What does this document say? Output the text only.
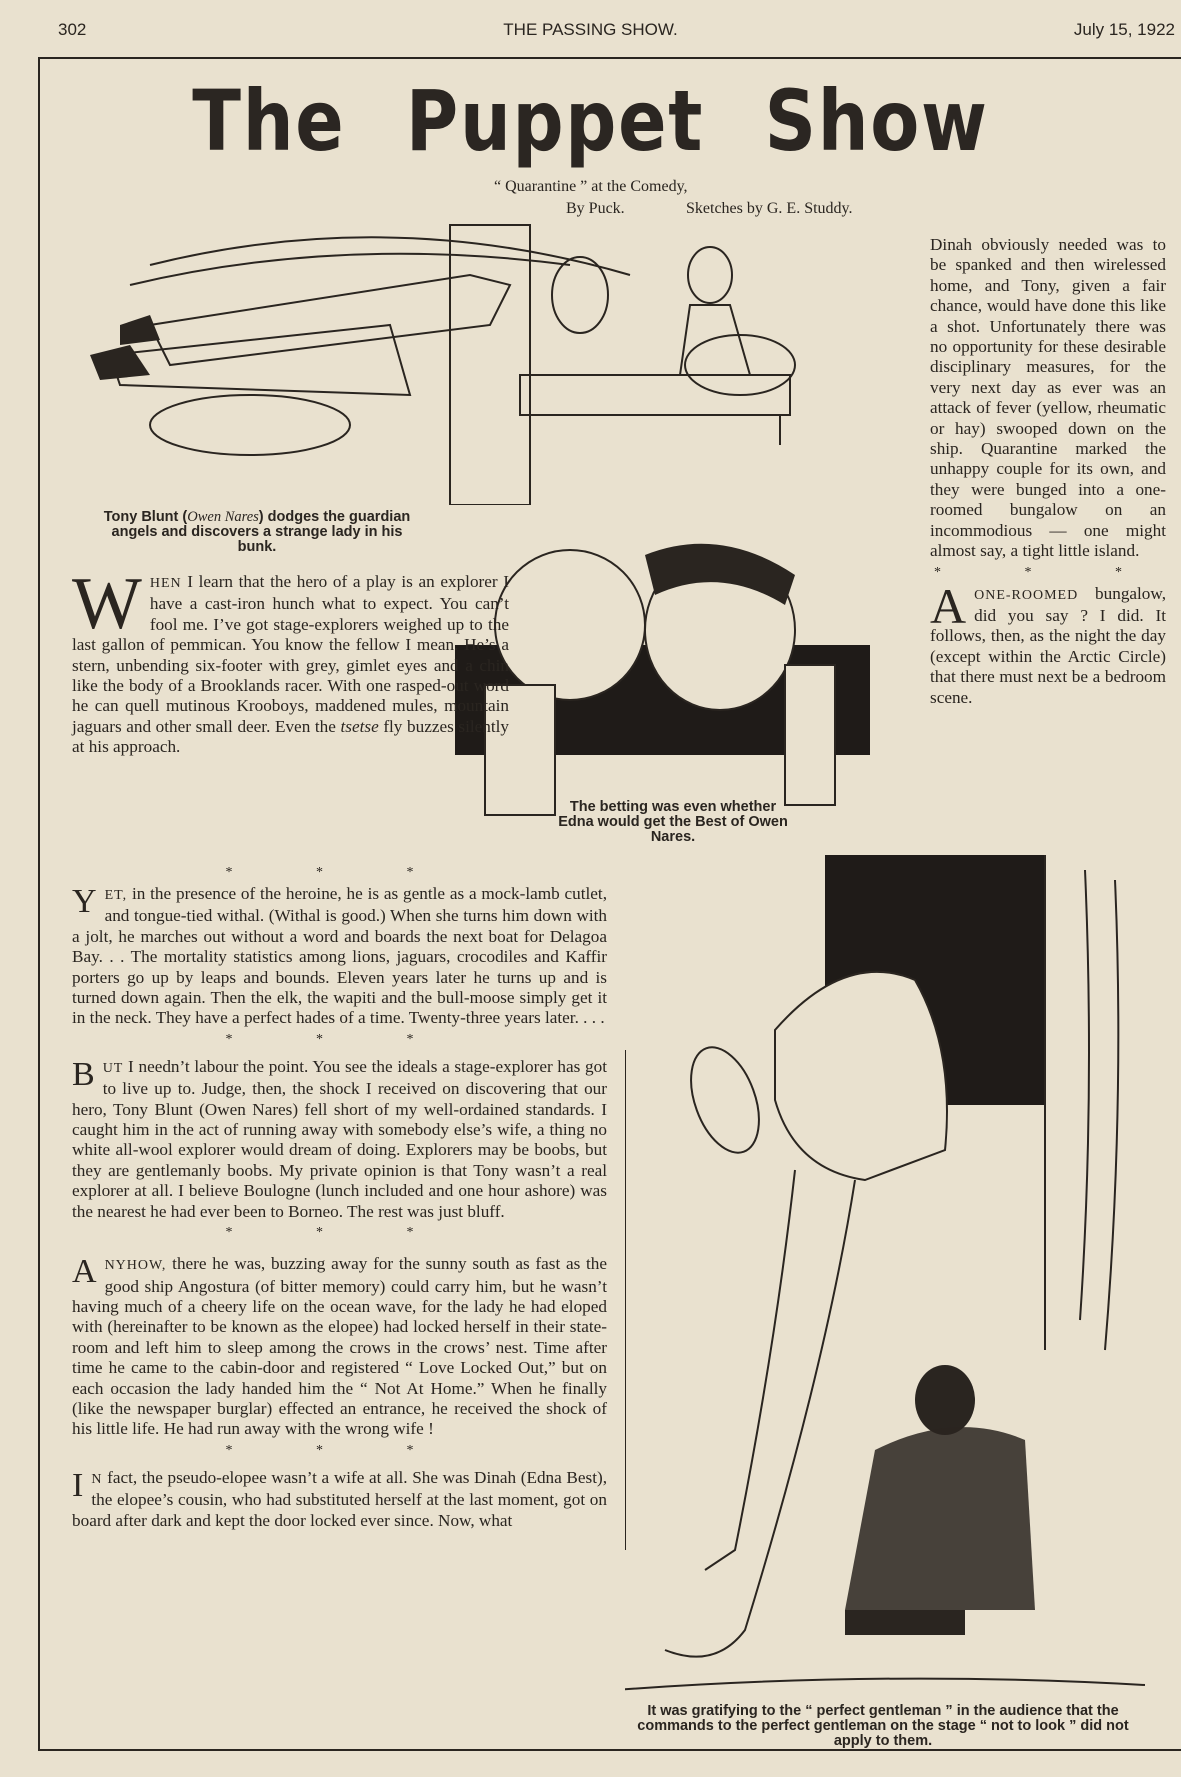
302	THE PASSING SHOW.	July 15, 1922
The Puppet Show
“ Quarantine ” at the Comedy,
By Puck.	Sketches by G. E. Studdy.
Tony Blunt (Owen Nares) dodges the guardian angels and discovers a strange lady in his bunk.
The betting was even whether Edna would get the Best of Owen Nares.

Dinah obviously needed was to be spanked and then wirelessed home, and Tony, given a fair chance, would have done this like a shot. Unfortunately there was no opportunity for these desirable disciplinary measures, for the very next day as ever was an attack of fever (yellow, rheumatic or hay) swooped down on the ship. Quarantine marked the unhappy couple for its own, and they were bunged into a one-roomed bungalow on an incommodious — one might almost say, a tight little island.

* * *

AONE-ROOMED bungalow, did you say ? I did. It follows, then, as the night the day (except within the Arctic Circle) that there must next be a bedroom scene.

WHEN I learn that the hero of a play is an explorer I have a cast-iron hunch what to expect. You can’t fool me. I’ve got stage-explorers weighed up to the last gallon of pemmican. You know the fellow I mean. He’s a stern, unbending six-footer with grey, gimlet eyes and a chin like the body of a Brooklands racer. With one rasped-out word he can quell mutinous Krooboys, maddened mules, mountain jaguars and other small deer. Even the tsetse fly buzzes silently at his approach.

* * *

YET, in the presence of the heroine, he is as gentle as a mock-lamb cutlet, and tongue-tied withal. (Withal is good.) When she turns him down with a jolt, he marches out without a word and boards the next boat for Delagoa Bay. . . The mortality statistics among lions, jaguars, crocodiles and Kaffir porters go up by leaps and bounds. Eleven years later he turns up and is turned down again. Then the elk, the wapiti and the bull-moose simply get it in the neck. They have a perfect hades of a time. Twenty-three years later. . . .

* * *

BUT I needn’t labour the point. You see the ideals a stage-explorer has got to live up to. Judge, then, the shock I received on discovering that our hero, Tony Blunt (Owen Nares) fell short of my well-ordained standards. I caught him in the act of running away with somebody else’s wife, a thing no white all-wool explorer would dream of doing. Explorers may be boobs, but they are gentlemanly boobs. My private opinion is that Tony wasn’t a real explorer at all. I believe Boulogne (lunch included and one hour ashore) was the nearest he had ever been to Borneo. The rest was just bluff.

* * *

ANYHOW, there he was, buzzing away for the sunny south as fast as the good ship Angostura (of bitter memory) could carry him, but he wasn’t having much of a cheery life on the ocean wave, for the lady he had eloped with (hereinafter to be known as the elopee) had locked herself in their state-room and left him to sleep among the crows in the crows’ nest. Time after time he came to the cabin-door and registered “ Love Locked Out,” but on each occasion the lady handed him the “ Not At Home.” When he finally (like the newspaper burglar) effected an entrance, he received the shock of his little life. He had run away with the wrong wife !

* * *

I N fact, the pseudo-elopee wasn’t a wife at all. She was Dinah (Edna Best), the elopee’s cousin, who had substituted herself at the last moment, got on board after dark and kept the door locked ever since. Now, what

It was gratifying to the “ perfect gentleman ” in the audience that the commands to the perfect gentleman on the stage “ not to look ” did not apply to them.
